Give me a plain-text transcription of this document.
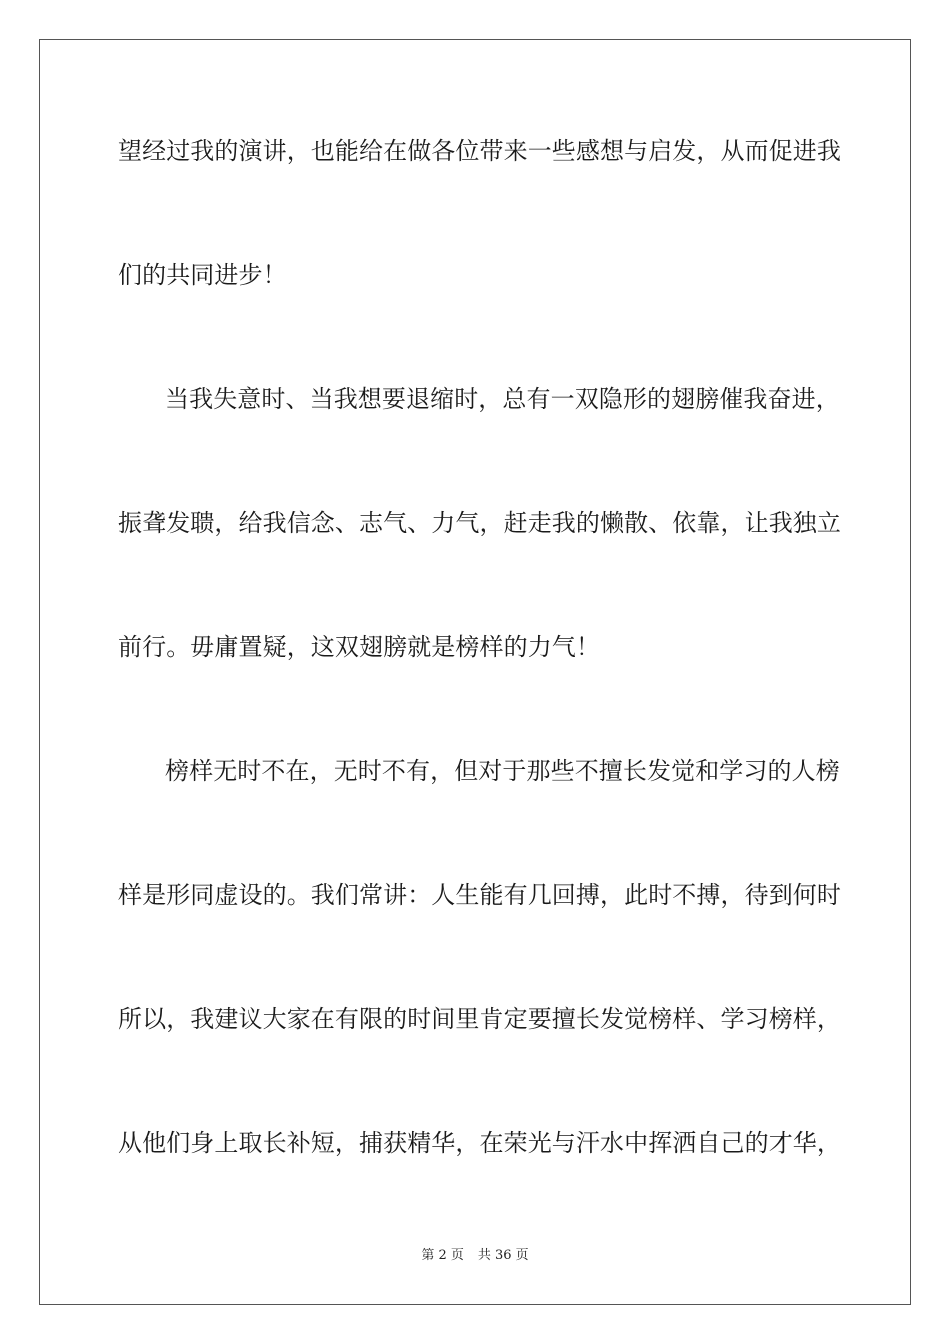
望经过我的演讲，也能给在做各位带来一些感想与启发，从而促进我
们的共同进步！
当我失意时、当我想要退缩时，总有一双隐形的翅膀催我奋进，
振聋发聩，给我信念、志气、力气，赶走我的懒散、依靠，让我独立
前行。毋庸置疑，这双翅膀就是榜样的力气！
榜样无时不在，无时不有，但对于那些不擅长发觉和学习的人榜
样是形同虚设的。我们常讲：人生能有几回搏，此时不搏，待到何时
所以，我建议大家在有限的时间里肯定要擅长发觉榜样、学习榜样，
从他们身上取长补短，捕获精华，在荣光与汗水中挥洒自己的才华，
第 2 页 共 36 页
